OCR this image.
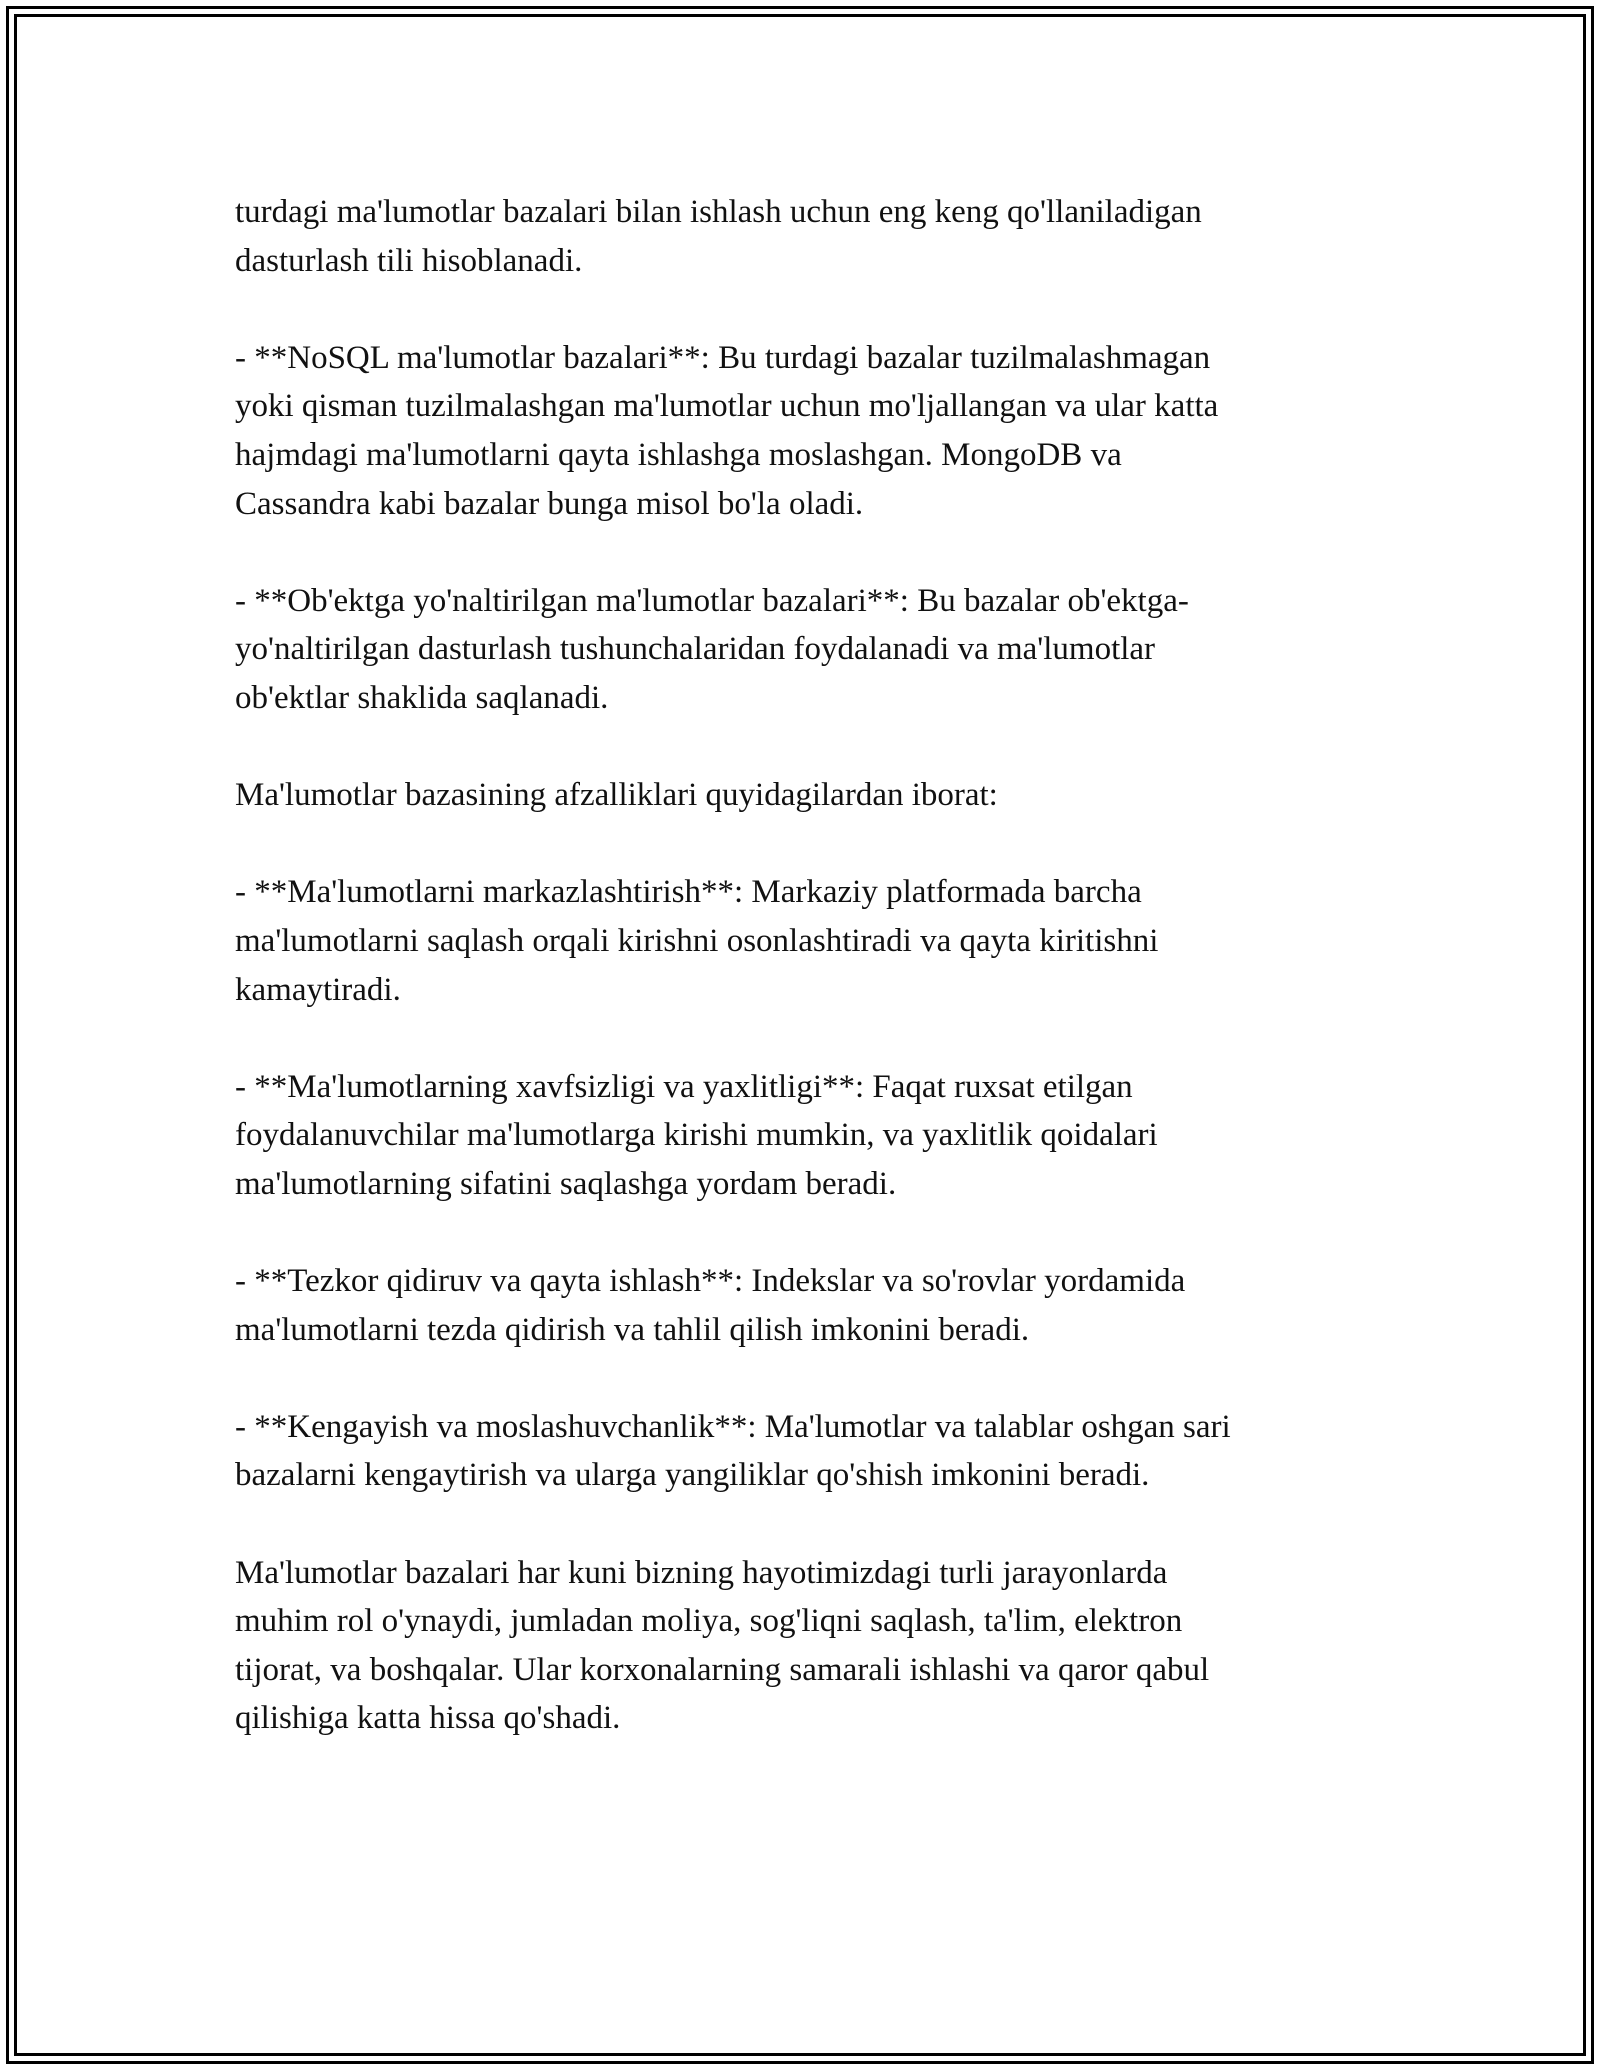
turdagi ma'lumotlar bazalari bilan ishlash uchun eng keng qo'llaniladigan
dasturlash tili hisoblanadi.

- **NoSQL ma'lumotlar bazalari**: Bu turdagi bazalar tuzilmalashmagan
yoki qisman tuzilmalashgan ma'lumotlar uchun mo'ljallangan va ular katta
hajmdagi ma'lumotlarni qayta ishlashga moslashgan. MongoDB va
Cassandra kabi bazalar bunga misol bo'la oladi.

- **Ob'ektga yo'naltirilgan ma'lumotlar bazalari**: Bu bazalar ob'ektga-
yo'naltirilgan dasturlash tushunchalaridan foydalanadi va ma'lumotlar
ob'ektlar shaklida saqlanadi.

Ma'lumotlar bazasining afzalliklari quyidagilardan iborat:

- **Ma'lumotlarni markazlashtirish**: Markaziy platformada barcha
ma'lumotlarni saqlash orqali kirishni osonlashtiradi va qayta kiritishni
kamaytiradi.

- **Ma'lumotlarning xavfsizligi va yaxlitligi**: Faqat ruxsat etilgan
foydalanuvchilar ma'lumotlarga kirishi mumkin, va yaxlitlik qoidalari
ma'lumotlarning sifatini saqlashga yordam beradi.

- **Tezkor qidiruv va qayta ishlash**: Indekslar va so'rovlar yordamida
ma'lumotlarni tezda qidirish va tahlil qilish imkonini beradi.

- **Kengayish va moslashuvchanlik**: Ma'lumotlar va talablar oshgan sari
bazalarni kengaytirish va ularga yangiliklar qo'shish imkonini beradi.

Ma'lumotlar bazalari har kuni bizning hayotimizdagi turli jarayonlarda
muhim rol o'ynaydi, jumladan moliya, sog'liqni saqlash, ta'lim, elektron
tijorat, va boshqalar. Ular korxonalarning samarali ishlashi va qaror qabul
qilishiga katta hissa qo'shadi.
